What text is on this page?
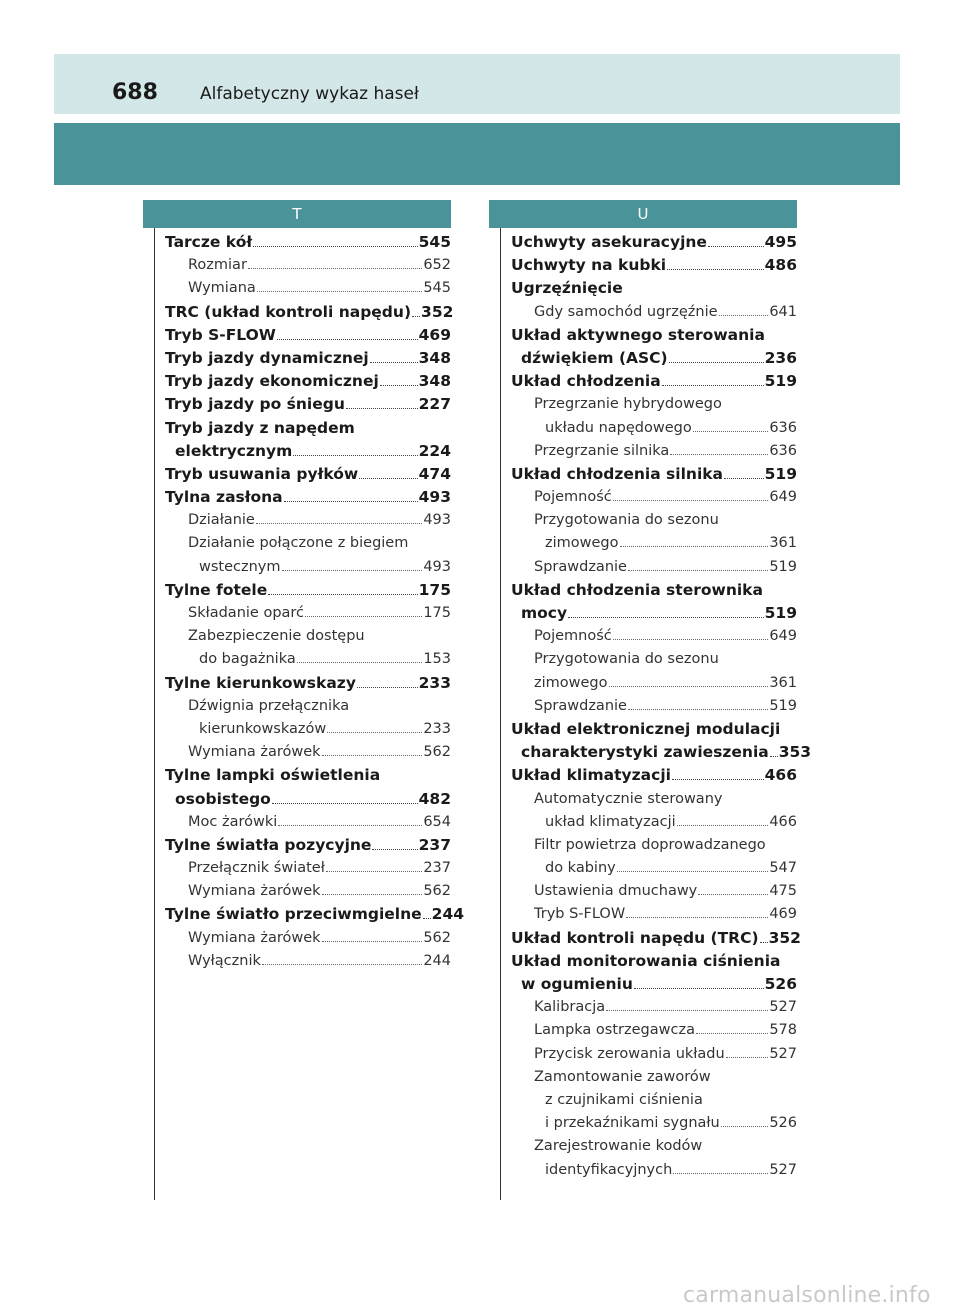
688 Alfabetyczny wykaz haseł
T	U
Tarcze kół	545
Rozmiar	652
Wymiana	545
TRC (układ kontroli napędu) 352
Tryb S-FLOW	469
Tryb jazdy dynamicznej	348
Tryb jazdy ekonomicznej	348
Tryb jazdy po śniegu	227
Tryb jazdy z napędem
elektrycznym	224
Tryb usuwania pyłków	474
Tylna zasłona	493
Działanie	493
Działanie połączone z biegiem
wstecznym	493
Tylne fotele	175
Składanie oparć	175
Zabezpieczenie dostępu
do bagażnika	153
Tylne kierunkowskazy	233
Dźwignia przełącznika
kierunkowskazów	233
Wymiana żarówek	562
Tylne lampki oświetlenia
osobistego	482
Moc żarówki	654
Tylne światła pozycyjne	237
Przełącznik świateł	237
Wymiana żarówek	562
Tylne światło przeciwmgielne 244
Wymiana żarówek	562
Wyłącznik	244
Uchwyty asekuracyjne	495
Uchwyty na kubki	486
Ugrzęźnięcie
Gdy samochód ugrzęźnie	641
Układ aktywnego sterowania
dźwiękiem (ASC)	236
Układ chłodzenia	519
Przegrzanie hybrydowego
układu napędowego	636
Przegrzanie silnika	636
Układ chłodzenia silnika	519
Pojemność	649
Przygotowania do sezonu
zimowego	361
Sprawdzanie	519
Układ chłodzenia sterownika
mocy	519
Pojemność	649
Przygotowania do sezonu
zimowego	361
Sprawdzanie	519
Układ elektronicznej modulacji
charakterystyki zawieszenia 353
Układ klimatyzacji	466
Automatycznie sterowany
układ klimatyzacji	466
Filtr powietrza doprowadzanego
do kabiny	547
Ustawienia dmuchawy	475
Tryb S-FLOW	469
Układ kontroli napędu (TRC) 352
Układ monitorowania ciśnienia
w ogumieniu	526
Kalibracja	527
Lampka ostrzegawcza	578
Przycisk zerowania układu	527
Zamontowanie zaworów
z czujnikami ciśnienia
i przekaźnikami sygnału	526
Zarejestrowanie kodów
identyfikacyjnych	527
carmanualsonline.info
